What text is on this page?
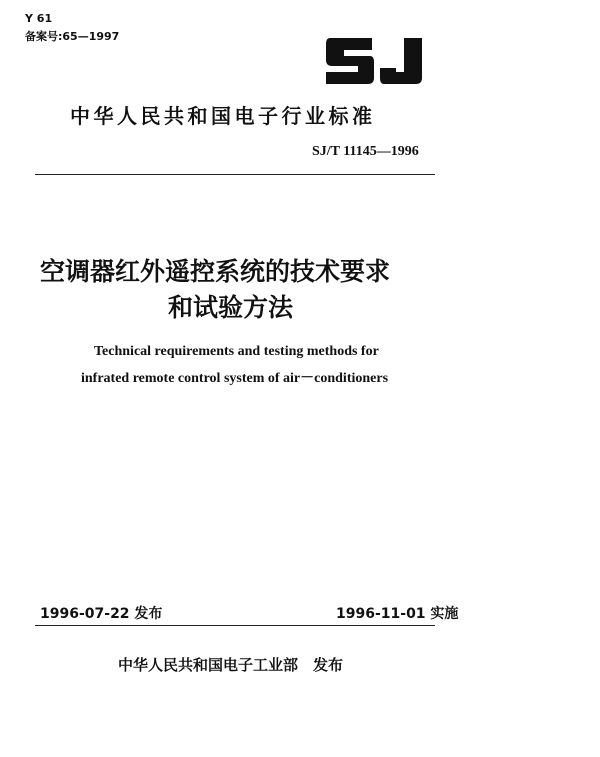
Y 61
备案号:65—1997
中华人民共和国电子行业标准
SJ/T 11145—1996
空调器红外遥控系统的技术要求
和试验方法
Technical requirements and testing methods for
infrated remote control system of air－conditioners
1996-07-22 发布	1996-11-01 实施
中华人民共和国电子工业部　发布
